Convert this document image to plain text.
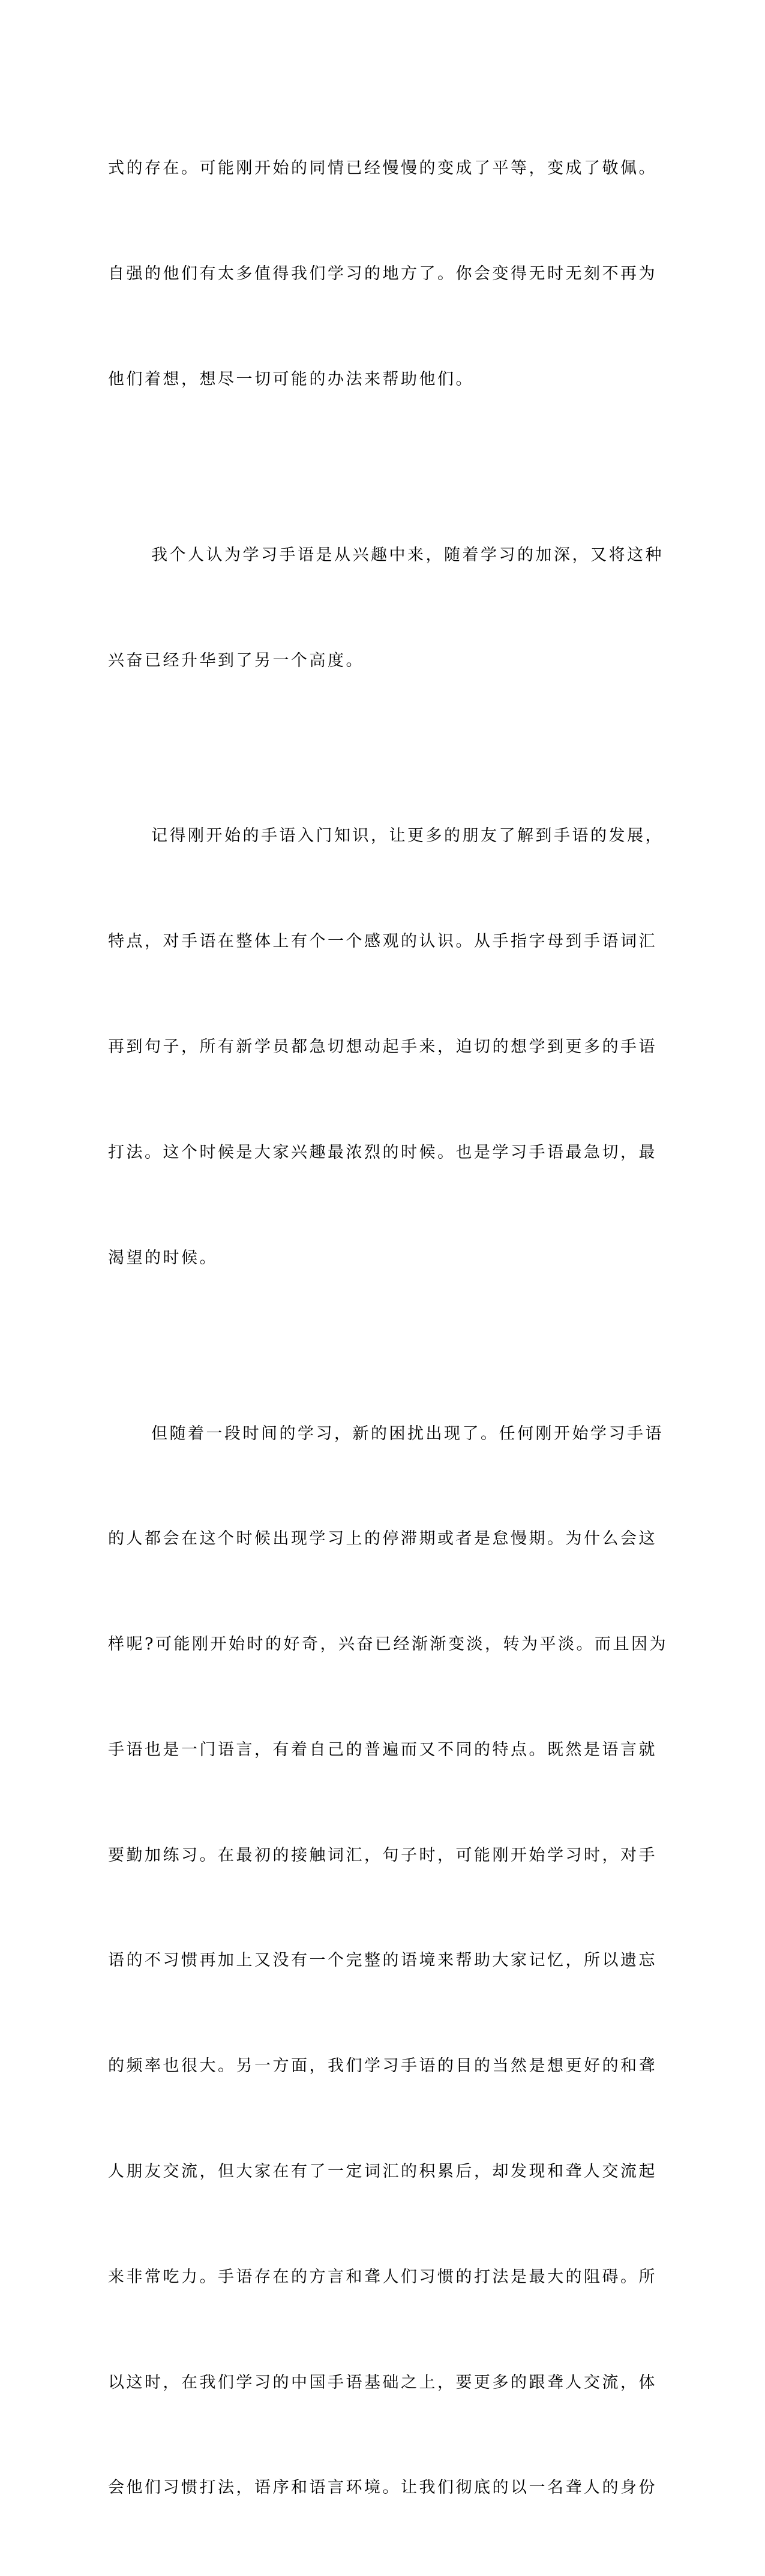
式的存在。可能刚开始的同情已经慢慢的变成了平等，变成了敬佩。

自强的他们有太多值得我们学习的地方了。你会变得无时无刻不再为

他们着想，想尽一切可能的办法来帮助他们。

我个人认为学习手语是从兴趣中来，随着学习的加深，又将这种

兴奋已经升华到了另一个高度。

记得刚开始的手语入门知识，让更多的朋友了解到手语的发展，

特点，对手语在整体上有个一个感观的认识。从手指字母到手语词汇

再到句子，所有新学员都急切想动起手来，迫切的想学到更多的手语

打法。这个时候是大家兴趣最浓烈的时候。也是学习手语最急切，最

渴望的时候。

但随着一段时间的学习，新的困扰出现了。任何刚开始学习手语

的人都会在这个时候出现学习上的停滞期或者是怠慢期。为什么会这

样呢?可能刚开始时的好奇，兴奋已经渐渐变淡，转为平淡。而且因为

手语也是一门语言，有着自己的普遍而又不同的特点。既然是语言就

要勤加练习。在最初的接触词汇，句子时，可能刚开始学习时，对手

语的不习惯再加上又没有一个完整的语境来帮助大家记忆，所以遗忘

的频率也很大。另一方面，我们学习手语的目的当然是想更好的和聋

人朋友交流，但大家在有了一定词汇的积累后，却发现和聋人交流起

来非常吃力。手语存在的方言和聋人们习惯的打法是最大的阻碍。所

以这时，在我们学习的中国手语基础之上，要更多的跟聋人交流，体

会他们习惯打法，语序和语言环境。让我们彻底的以一名聋人的身份
